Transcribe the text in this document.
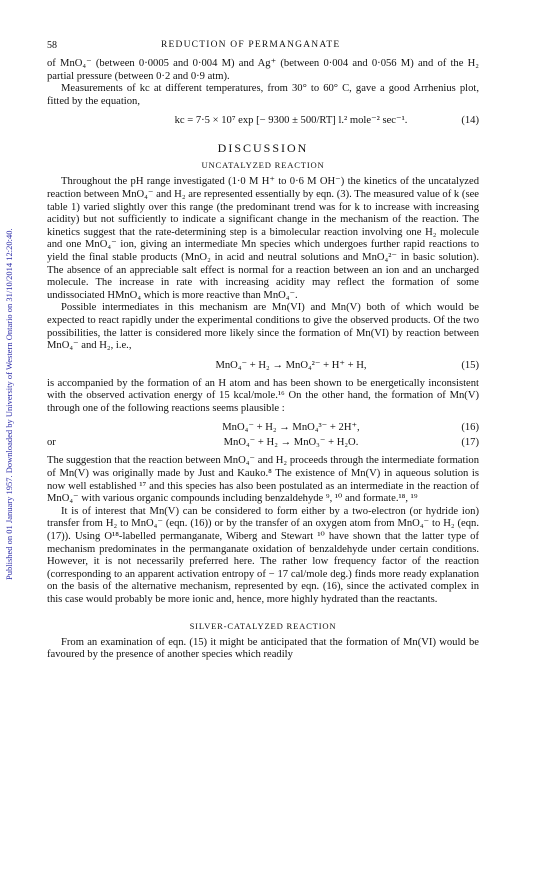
Published on 01 January 1957. Downloaded by University of Western Ontario on 31/10/2014 12:20:40.
58	REDUCTION OF PERMANGANATE

of MnO₄⁻ (between 0·0005 and 0·004 M) and Ag⁺ (between 0·004 and 0·056 M) and of the H₂ partial pressure (between 0·2 and 0·9 atm).

Measurements of kc at different temperatures, from 30° to 60° C, gave a good Arrhenius plot, fitted by the equation,

kc = 7·5 × 10⁷ exp [− 9300 ± 500/RT] l.² mole⁻² sec⁻¹.	(14)
DISCUSSION
UNCATALYZED REACTION

Throughout the pH range investigated (1·0 M H⁺ to 0·6 M OH⁻) the kinetics of the uncatalyzed reaction between MnO₄⁻ and H₂ are represented essentially by eqn. (3). The measured value of k (see table 1) varied slightly over this range (the predominant trend was for k to increase with increasing acidity) but not sufficiently to indicate a significant change in the mechanism of the reaction. The kinetics suggest that the rate-determining step is a bimolecular reaction involving one H₂ molecule and one MnO₄⁻ ion, giving an intermediate Mn species which undergoes further rapid reactions to yield the final stable products (MnO₂ in acid and neutral solutions and MnO₄²⁻ in basic solution). The absence of an appreciable salt effect is normal for a reaction between an ion and an uncharged molecule. The increase in rate with increasing acidity may reflect the formation of some undissociated HMnO₄ which is more reactive than MnO₄⁻.

Possible intermediates in this mechanism are Mn(VI) and Mn(V) both of which would be expected to react rapidly under the experimental conditions to give the observed products. Of the two possibilities, the latter is considered more likely since the formation of Mn(VI) by reaction between MnO₄⁻ and H₂, i.e.,

MnO₄⁻ + H₂ → MnO₄²⁻ + H⁺ + H,	(15)

is accompanied by the formation of an H atom and has been shown to be energetically inconsistent with the observed activation energy of 15 kcal/mole.¹⁶ On the other hand, the formation of Mn(V) through one of the following reactions seems plausible :

MnO₄⁻ + H₂ → MnO₄³⁻ + 2H⁺,	(16)
or	MnO₄⁻ + H₂ → MnO₃⁻ + H₂O.	(17)

The suggestion that the reaction between MnO₄⁻ and H₂ proceeds through the intermediate formation of Mn(V) was originally made by Just and Kauko.⁸ The existence of Mn(V) in aqueous solution is now well established ¹⁷ and this species has also been postulated as an intermediate in the reaction of MnO₄⁻ with various organic compounds including benzaldehyde ⁹, ¹⁰ and formate.¹⁸, ¹⁹

It is of interest that Mn(V) can be considered to form either by a two-electron (or hydride ion) transfer from H₂ to MnO₄⁻ (eqn. (16)) or by the transfer of an oxygen atom from MnO₄⁻ to H₂ (eqn. (17)). Using O¹⁸-labelled permanganate, Wiberg and Stewart ¹⁰ have shown that the latter type of mechanism predominates in the permanganate oxidation of benzaldehyde under certain conditions. However, it is not necessarily preferred here. The rather low frequency factor of the reaction (corresponding to an apparent activation entropy of − 17 cal/mole deg.) finds more ready explanation on the basis of the alternative mechanism, represented by eqn. (16), since the activated complex in this case would probably be more ionic and, hence, more highly hydrated than the reactants.

SILVER-CATALYZED REACTION

From an examination of eqn. (15) it might be anticipated that the formation of Mn(VI) would be favoured by the presence of another species which readily
